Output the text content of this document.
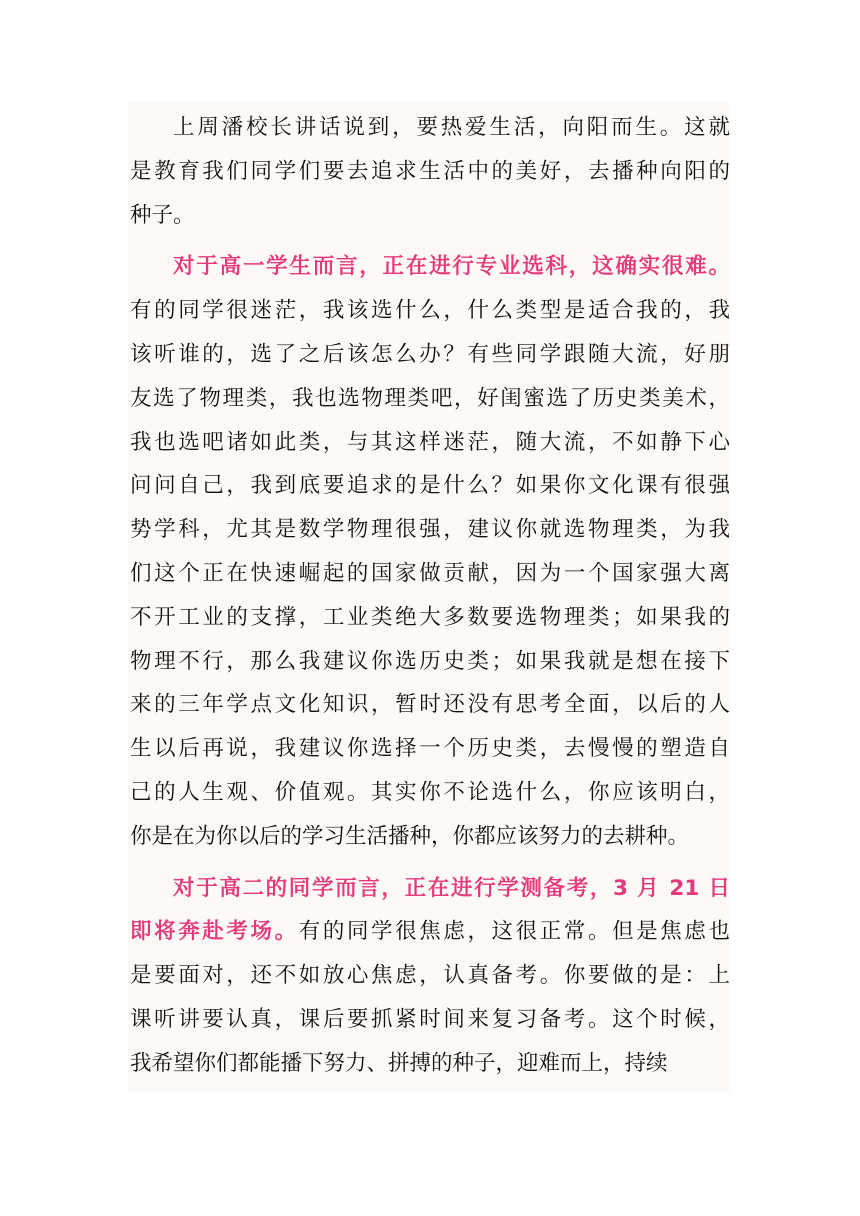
上周潘校长讲话说到，要热爱生活，向阳而生。这就
是教育我们同学们要去追求生活中的美好，去播种向阳的
种子。
对于高一学生而言，正在进行专业选科，这确实很难。
有的同学很迷茫，我该选什么，什么类型是适合我的，我
该听谁的，选了之后该怎么办？有些同学跟随大流，好朋
友选了物理类，我也选物理类吧，好闺蜜选了历史类美术，
我也选吧诸如此类，与其这样迷茫，随大流，不如静下心
问问自己，我到底要追求的是什么？如果你文化课有很强
势学科，尤其是数学物理很强，建议你就选物理类，为我
们这个正在快速崛起的国家做贡献，因为一个国家强大离
不开工业的支撑，工业类绝大多数要选物理类；如果我的
物理不行，那么我建议你选历史类；如果我就是想在接下
来的三年学点文化知识，暂时还没有思考全面，以后的人
生以后再说，我建议你选择一个历史类，去慢慢的塑造自
己的人生观、价值观。其实你不论选什么，你应该明白，
你是在为你以后的学习生活播种，你都应该努力的去耕种。
对于高二的同学而言，正在进行学测备考，3 月 21 日
即将奔赴考场。有的同学很焦虑，这很正常。但是焦虑也
是要面对，还不如放心焦虑，认真备考。你要做的是：上
课听讲要认真，课后要抓紧时间来复习备考。这个时候，
我希望你们都能播下努力、拼搏的种子，迎难而上，持续
